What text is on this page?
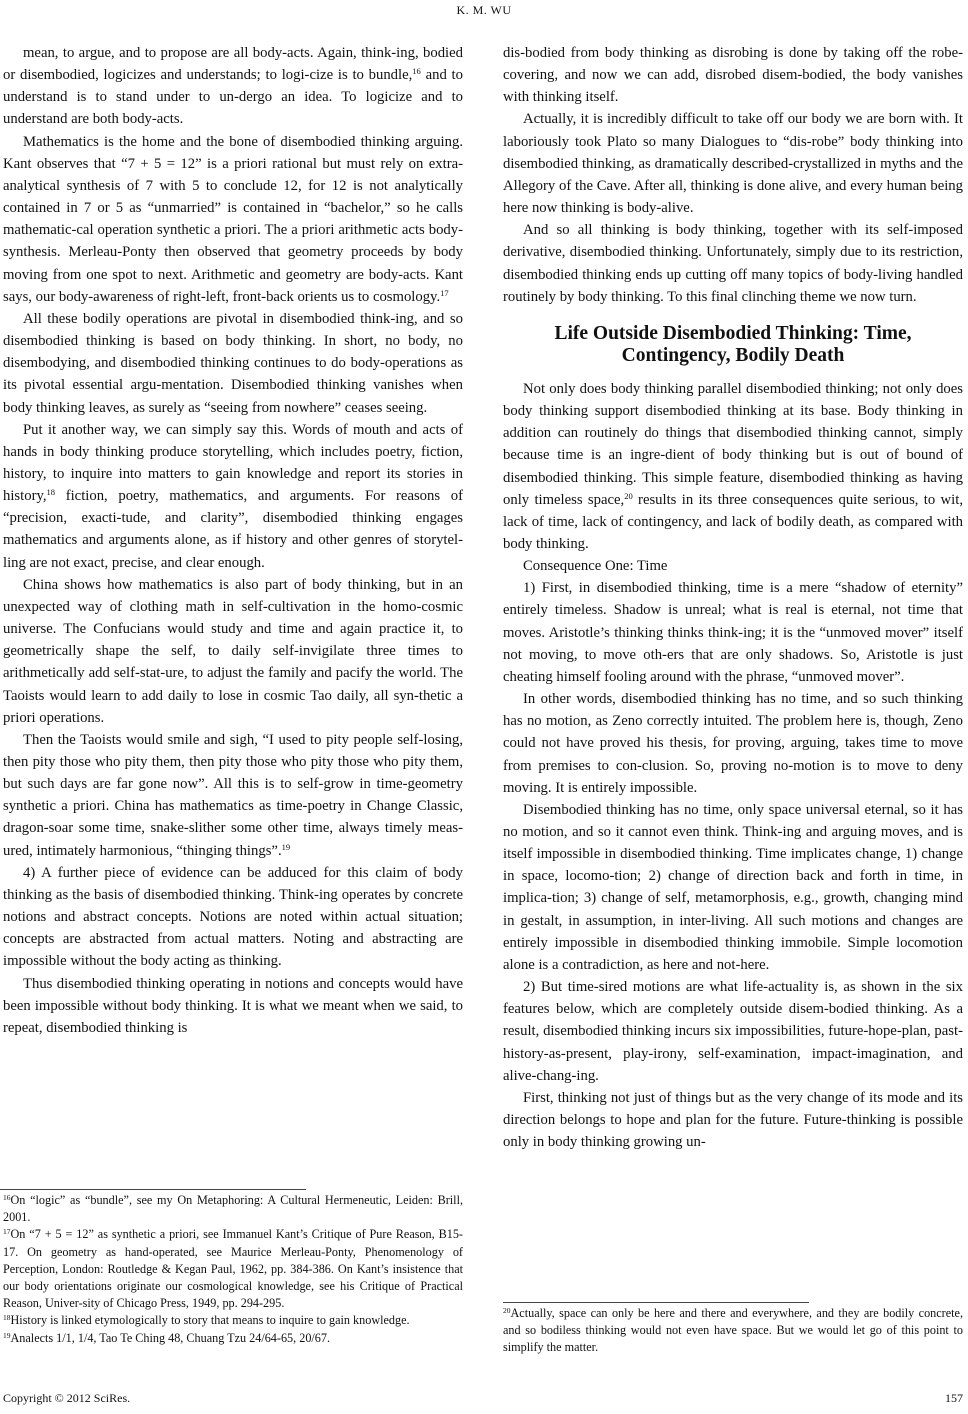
K. M. WU

mean, to argue, and to propose are all body-acts. Again, think-ing, bodied or disembodied, logicizes and understands; to logi-cize is to bundle,$^{16}$ and to understand is to stand under to un-dergo an idea. To logicize and to understand are both body-acts.

Mathematics is the home and the bone of disembodied thinking arguing. Kant observes that “7 + 5 = 12” is a priori rational but must rely on extra-analytical synthesis of 7 with 5 to conclude 12, for 12 is not analytically contained in 7 or 5 as “unmarried” is contained in “bachelor,” so he calls mathematic-cal operation synthetic a priori. The a priori arithmetic acts body-synthesis. Merleau-Ponty then observed that geometry proceeds by body moving from one spot to next. Arithmetic and geometry are body-acts. Kant says, our body-awareness of right-left, front-back orients us to cosmology.$^{17}$

All these bodily operations are pivotal in disembodied think-ing, and so disembodied thinking is based on body thinking. In short, no body, no disembodying, and disembodied thinking continues to do body-operations as its pivotal essential argu-mentation. Disembodied thinking vanishes when body thinking leaves, as surely as “seeing from nowhere” ceases seeing.

Put it another way, we can simply say this. Words of mouth and acts of hands in body thinking produce storytelling, which includes poetry, fiction, history, to inquire into matters to gain knowledge and report its stories in history,$^{18}$ fiction, poetry, mathematics, and arguments. For reasons of “precision, exacti-tude, and clarity”, disembodied thinking engages mathematics and arguments alone, as if history and other genres of storytel-ling are not exact, precise, and clear enough.

China shows how mathematics is also part of body thinking, but in an unexpected way of clothing math in self-cultivation in the homo-cosmic universe. The Confucians would study and time and again practice it, to geometrically shape the self, to daily self-invigilate three times to arithmetically add self-stat-ure, to adjust the family and pacify the world. The Taoists would learn to add daily to lose in cosmic Tao daily, all syn-thetic a priori operations.

Then the Taoists would smile and sigh, “I used to pity people self-losing, then pity those who pity them, then pity those who pity those who pity them, but such days are far gone now”. All this is to self-grow in time-geometry synthetic a priori. China has mathematics as time-poetry in Change Classic, dragon-soar some time, snake-slither some other time, always timely meas-ured, intimately harmonious, “thinging things”.$^{19}$

4) A further piece of evidence can be adduced for this claim of body thinking as the basis of disembodied thinking. Think-ing operates by concrete notions and abstract concepts. Notions are noted within actual situation; concepts are abstracted from actual matters. Noting and abstracting are impossible without the body acting as thinking.

Thus disembodied thinking operating in notions and concepts would have been impossible without body thinking. It is what we meant when we said, to repeat, disembodied thinking is

$^{16}$On “logic” as “bundle”, see my On Metaphoring: A Cultural Hermeneutic, Leiden: Brill, 2001.
$^{17}$On “7 + 5 = 12” as synthetic a priori, see Immanuel Kant’s Critique of Pure Reason, B15-17. On geometry as hand-operated, see Maurice Merleau-Ponty, Phenomenology of Perception, London: Routledge & Kegan Paul, 1962, pp. 384-386. On Kant’s insistence that our body orientations originate our cosmological knowledge, see his Critique of Practical Reason, Univer-sity of Chicago Press, 1949, pp. 294-295.
$^{18}$History is linked etymologically to story that means to inquire to gain knowledge.
$^{19}$Analects 1/1, 1/4, Tao Te Ching 48, Chuang Tzu 24/64-65, 20/67.

dis-bodied from body thinking as disrobing is done by taking off the robe-covering, and now we can add, disrobed disem-bodied, the body vanishes with thinking itself.

Actually, it is incredibly difficult to take off our body we are born with. It laboriously took Plato so many Dialogues to “dis-robe” body thinking into disembodied thinking, as dramatically described-crystallized in myths and the Allegory of the Cave. After all, thinking is done alive, and every human being here now thinking is body-alive.

And so all thinking is body thinking, together with its self-imposed derivative, disembodied thinking. Unfortunately, simply due to its restriction, disembodied thinking ends up cutting off many topics of body-living handled routinely by body thinking. To this final clinching theme we now turn.

Life Outside Disembodied Thinking: Time,
Contingency, Bodily Death

Not only does body thinking parallel disembodied thinking; not only does body thinking support disembodied thinking at its base. Body thinking in addition can routinely do things that disembodied thinking cannot, simply because time is an ingre-dient of body thinking but is out of bound of disembodied thinking. This simple feature, disembodied thinking as having only timeless space,$^{20}$ results in its three consequences quite serious, to wit, lack of time, lack of contingency, and lack of bodily death, as compared with body thinking.

Consequence One: Time

1) First, in disembodied thinking, time is a mere “shadow of eternity” entirely timeless. Shadow is unreal; what is real is eternal, not time that moves. Aristotle’s thinking thinks think-ing; it is the “unmoved mover” itself not moving, to move oth-ers that are only shadows. So, Aristotle is just cheating himself fooling around with the phrase, “unmoved mover”.

In other words, disembodied thinking has no time, and so such thinking has no motion, as Zeno correctly intuited. The problem here is, though, Zeno could not have proved his thesis, for proving, arguing, takes time to move from premises to con-clusion. So, proving no-motion is to move to deny moving. It is entirely impossible.

Disembodied thinking has no time, only space universal eternal, so it has no motion, and so it cannot even think. Think-ing and arguing moves, and is itself impossible in disembodied thinking. Time implicates change, 1) change in space, locomo-tion; 2) change of direction back and forth in time, in implica-tion; 3) change of self, metamorphosis, e.g., growth, changing mind in gestalt, in assumption, in inter-living. All such motions and changes are entirely impossible in disembodied thinking immobile. Simple locomotion alone is a contradiction, as here and not-here.

2) But time-sired motions are what life-actuality is, as shown in the six features below, which are completely outside disem-bodied thinking. As a result, disembodied thinking incurs six impossibilities, future-hope-plan, past-history-as-present, play-irony, self-examination, impact-imagination, and alive-chang-ing.

First, thinking not just of things but as the very change of its mode and its direction belongs to hope and plan for the future. Future-thinking is possible only in body thinking growing un-

$^{20}$Actually, space can only be here and there and everywhere, and they are bodily concrete, and so bodiless thinking would not even have space. But we would let go of this point to simplify the matter.
Copyright © 2012 SciRes.	157
